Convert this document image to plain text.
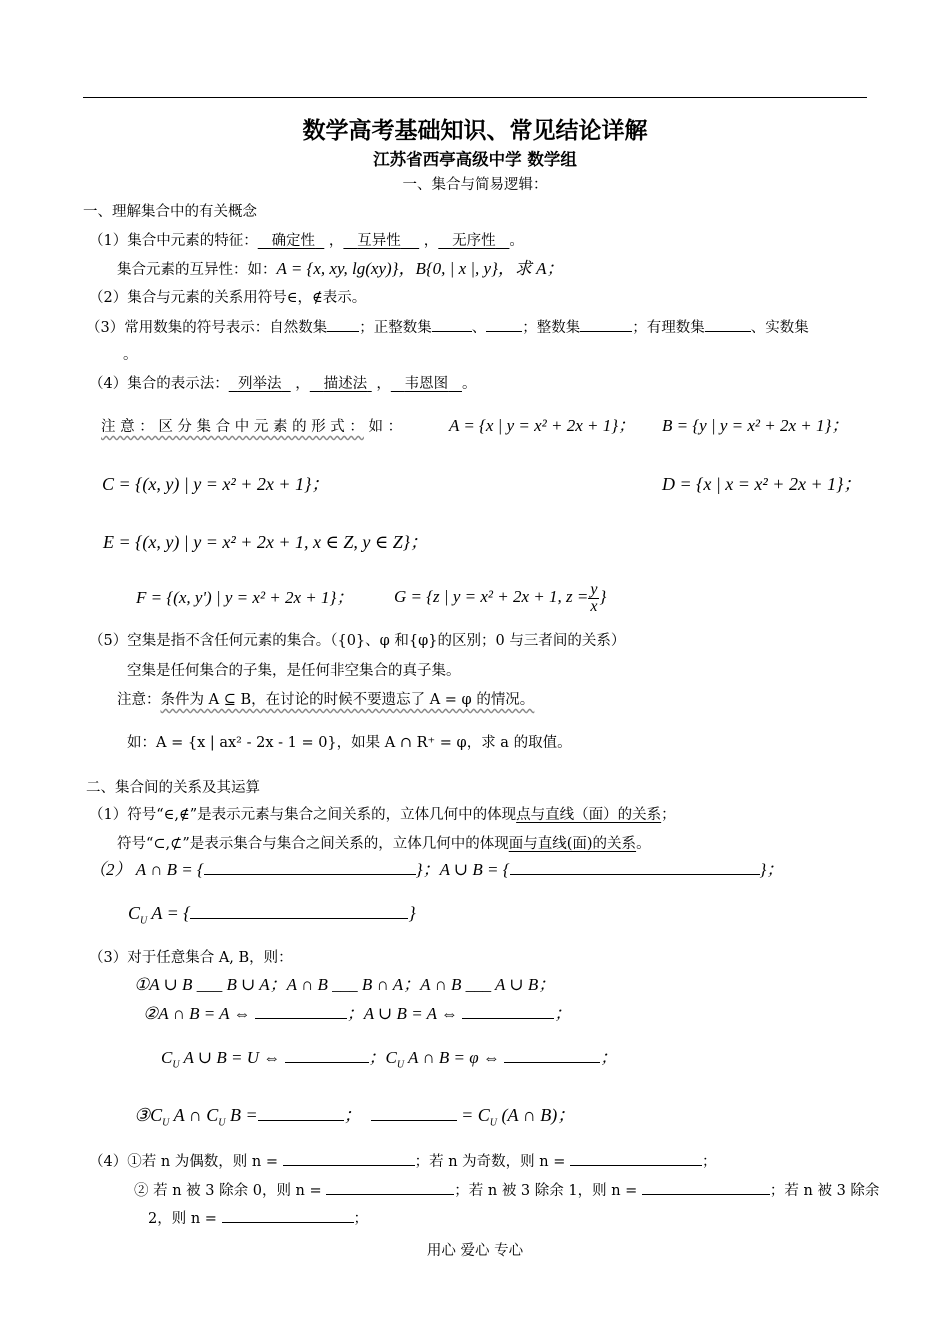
数学高考基础知识、常见结论详解
江苏省西亭高级中学 数学组
一、集合与简易逻辑：
一、理解集合中的有关概念
（1）集合中元素的特征： 确定性   ， 互异性     ， 无序性 。
集合元素的互异性：如：A = {x, xy, lg(xy)}，B{0, | x |, y}，求 A；
（2）集合与元素的关系用符号∈，∉表示。
（3）常用数集的符号表示：自然数集 ；正整数集	、 ；整数集	；有理数集	、实数集
。
（4）集合的表示法： 列举法   ， 描述法  ， 韦恩图 。
注 意 ： 区 分 集 合 中 元 素 的 形 式 ： 如 ：	A = {x | y = x² + 2x + 1}； B = {y | y = x² + 2x + 1}；
C = {(x, y) | y = x² + 2x + 1}；	D = {x | x = x² + 2x + 1}；
E = {(x, y) | y = x² + 2x + 1, x ∈ Z, y ∈ Z}；
F = {(x, y') | y = x² + 2x + 1}； G = {z | y = x² + 2x + 1, $z = \frac{y}{x}$ }
（5）空集是指不含任何元素的集合。（{0}、φ 和{φ}的区别；0 与三者间的关系）
空集是任何集合的子集，是任何非空集合的真子集。
注意：条件为 A ⊆ B，在讨论的时候不要遗忘了 A = φ 的情况。
如：A = {x | ax² - 2x - 1 = 0}，如果 A ∩ R⁺ = φ，求 a 的取值。
二、集合间的关系及其运算
（1）符号“∈,∉”是表示元素与集合之间关系的，立体几何中的体现点与直线（面）的关系；
符号“⊂,⊄”是表示集合与集合之间关系的，立体几何中的体现面与直线(面)的关系。
（2） A ∩ B = {	}；A ∪ B = {	}；
$C_U$ A = {	}
（3）对于任意集合 A, B，则：
①A ∪ B ___ B ∪ A；A ∩ B ___ B ∩ A；A ∩ B ___ A ∪ B；
②A ∩ B = A ⇔	；A ∪ B = A ⇔	；
$C_U$ A ∪ B = U ⇔	；$C_U$ A ∩ B = φ ⇔	；
$③C_U$ A ∩ $C_U$ B =	；	= $C_U$ (A ∩ B)；
（4）①若 n 为偶数，则 n =	；若 n 为奇数，则 n =	；
② 若 n 被 3 除余 0，则 n =	；若 n 被 3 除余 1，则 n =	；若 n 被 3 除余
2，则 n =	；
用心 爱心 专心
